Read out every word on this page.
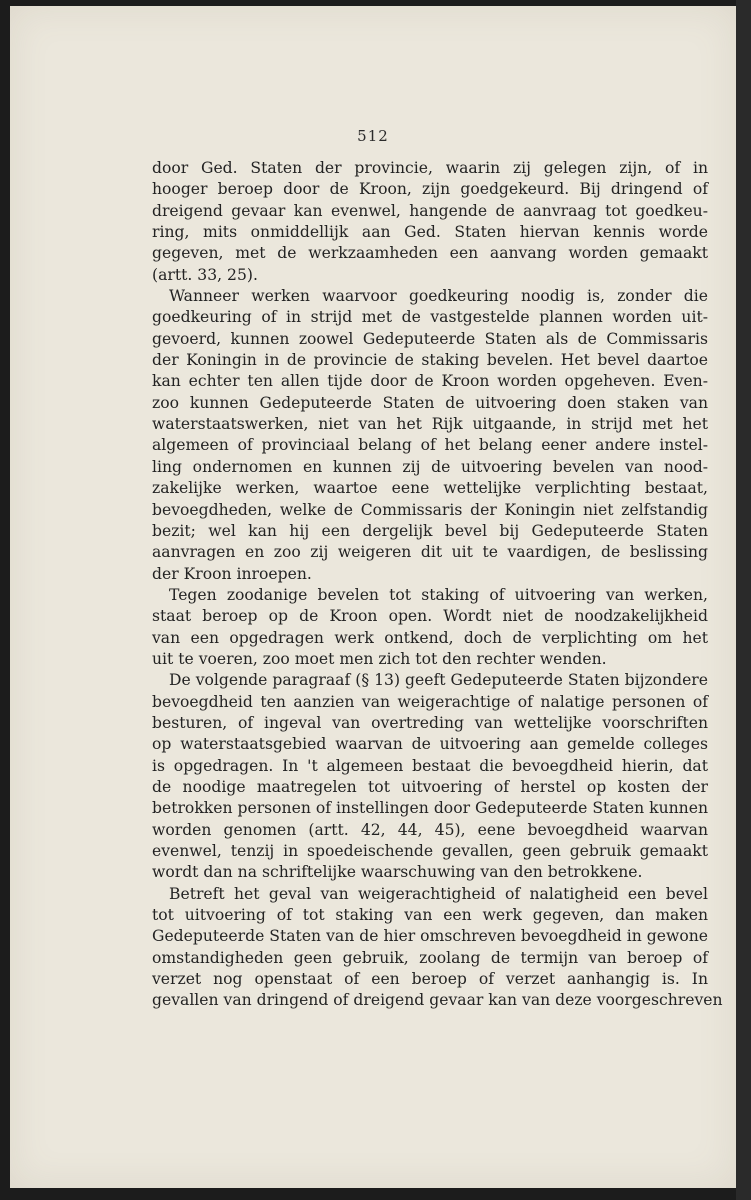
512
door Ged. Staten der provincie, waarin zij gelegen zijn, of in
hooger beroep door de Kroon, zijn goedgekeurd. Bij dringend of
dreigend gevaar kan evenwel, hangende de aanvraag tot goedkeu-
ring, mits onmiddellijk aan Ged. Staten hiervan kennis worde
gegeven, met de werkzaamheden een aanvang worden gemaakt
(artt. 33, 25).
Wanneer werken waarvoor goedkeuring noodig is, zonder die
goedkeuring of in strijd met de vastgestelde plannen worden uit-
gevoerd, kunnen zoowel Gedeputeerde Staten als de Commissaris
der Koningin in de provincie de staking bevelen. Het bevel daartoe
kan echter ten allen tijde door de Kroon worden opgeheven. Even-
zoo kunnen Gedeputeerde Staten de uitvoering doen staken van
waterstaatswerken, niet van het Rijk uitgaande, in strijd met het
algemeen of provinciaal belang of het belang eener andere instel-
ling ondernomen en kunnen zij de uitvoering bevelen van nood-
zakelijke werken, waartoe eene wettelijke verplichting bestaat,
bevoegdheden, welke de Commissaris der Koningin niet zelfstandig
bezit; wel kan hij een dergelijk bevel bij Gedeputeerde Staten
aanvragen en zoo zij weigeren dit uit te vaardigen, de beslissing
der Kroon inroepen.
Tegen zoodanige bevelen tot staking of uitvoering van werken,
staat beroep op de Kroon open. Wordt niet de noodzakelijkheid
van een opgedragen werk ontkend, doch de verplichting om het
uit te voeren, zoo moet men zich tot den rechter wenden.
De volgende paragraaf (§ 13) geeft Gedeputeerde Staten bijzondere
bevoegdheid ten aanzien van weigerachtige of nalatige personen of
besturen, of ingeval van overtreding van wettelijke voorschriften
op waterstaatsgebied waarvan de uitvoering aan gemelde colleges
is opgedragen. In 't algemeen bestaat die bevoegdheid hierin, dat
de noodige maatregelen tot uitvoering of herstel op kosten der
betrokken personen of instellingen door Gedeputeerde Staten kunnen
worden genomen (artt. 42, 44, 45), eene bevoegdheid waarvan
evenwel, tenzij in spoedeischende gevallen, geen gebruik gemaakt
wordt dan na schriftelijke waarschuwing van den betrokkene.
Betreft het geval van weigerachtigheid of nalatigheid een bevel
tot uitvoering of tot staking van een werk gegeven, dan maken
Gedeputeerde Staten van de hier omschreven bevoegdheid in gewone
omstandigheden geen gebruik, zoolang de termijn van beroep of
verzet nog openstaat of een beroep of verzet aanhangig is. In
gevallen van dringend of dreigend gevaar kan van deze voorgeschreven
